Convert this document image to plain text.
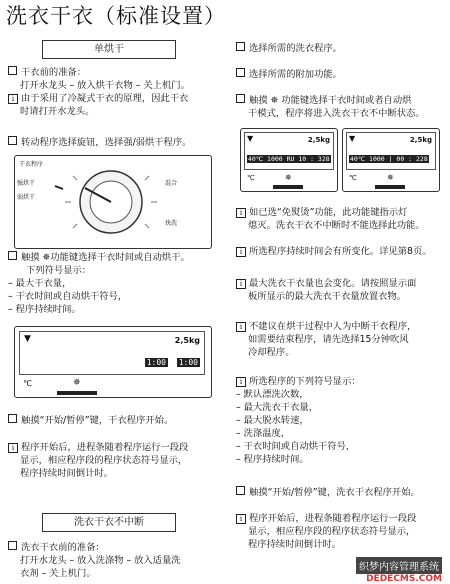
洗衣干衣（标准设置）
单烘干
干衣前的准备：
打开水龙头 – 放入烘干衣物 – 关上机门。
i 由于采用了冷凝式干衣的原理，因此干衣
时请打开水龙头。
转动程序选择旋钮，选择强/弱烘干程序。
干衣程序
强烘干
弱烘干
混合
快洗
触摸 ✵功能键选择干衣时间或自动烘干。
下列符号显示：
– 最大干衣量，
– 干衣时间或自动烘干符号，
– 程序持续时间。
▼	2,5kg
1:00 1:00
℃	✵
触摸“开始/暂停”键，干衣程序开始。
i 程序开始后，进程条随着程序运行一段段
显示，相应程序段的程序状态符号显示，
程序持续时间倒计时。
洗衣干衣不中断
洗衣干衣前的准备：
打开水龙头 – 放入洗涤物 – 放入适量洗
衣剂 – 关上机门。
选择所需的洗衣程序。
选择所需的附加功能。
触摸 ✵ 功能键选择干衣时间或者自动烘
干模式，程序将进入洗衣干衣不中断状态。
▼	2,5kg
40℃ 1000 RU 10 : 328
℃	✵
▼	2,5kg
40℃ 1000 | 00 : 228
℃	✵
i 如已选“免熨烫”功能，此功能键指示灯
熄灭。洗衣干衣不中断时不能选择此功能。
i 所选程序持续时间会有所变化。详见第8页。
i 最大洗衣干衣量也会变化。请按照显示面
板所显示的最大洗衣干衣量放置衣物。
i 不建议在烘干过程中人为中断干衣程序，
如需要结束程序，请先选择15分钟吹风
冷却程序。
i 所选程序的下列符号显示：
– 默认漂洗次数，
– 最大洗衣干衣量，
– 最大脱水转速，
– 洗涤温度，
– 干衣时间或自动烘干符号，
– 程序持续时间。
触摸“开始/暂停”键，洗衣干衣程序开始。
i 程序开始后，进程条随着程序运行一段段
显示，相应程序段的程序状态符号显示，
程序持续时间倒计时。
织梦内容管理系统
DEDECMS.COM
